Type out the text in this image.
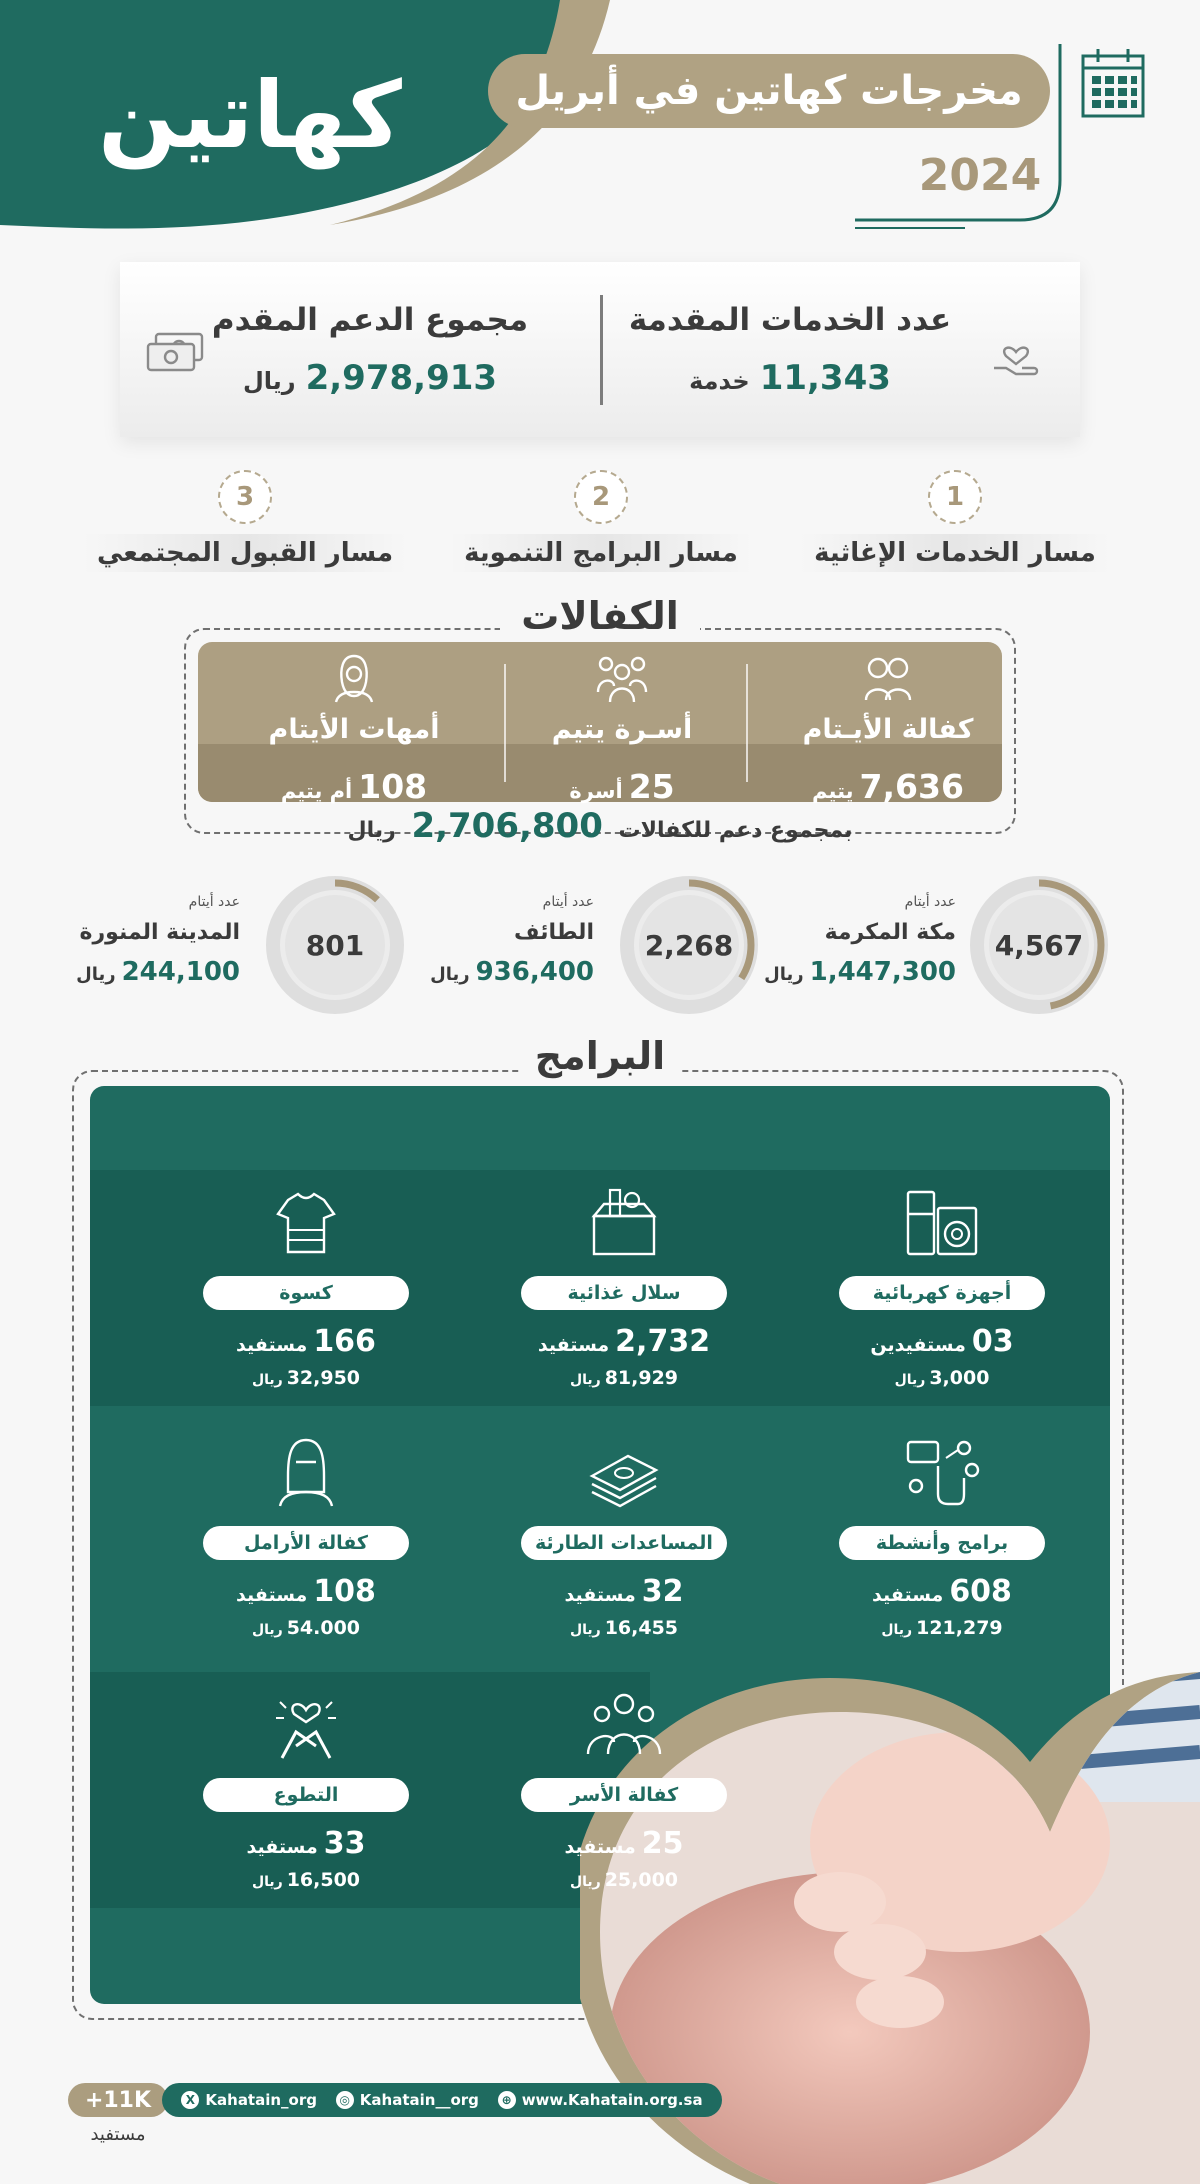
كهاتين	مخرجات كهاتين في أبريل
2024
عدد الخدمات المقدمة
11,343خدمة
مجموع الدعم المقدم
2,978,913ريال
1
مسار الخدمات الإغاثية
2
مسار البرامج التنموية
3
مسار القبول المجتمعي
الكفالات
كفالة الأيـتام
7,636يتيم
أسـرة يتيم
25أسرة
أمهات الأيتام
108أم يتيم
بمجموع دعم للكفالات 2,706,800 ريال
4,567
عدد أيتام
مكة المكرمة
1,447,300ريال
2,268
عدد أيتام
الطائف
936,400ريال
801
عدد أيتام
المدينة المنورة
244,100ريال
البرامج
أجهزة كهربائية
03مستفيدين
3,000ريال
سلال غذائية
2,732مستفيد
81,929ريال
كسوة
166مستفيد
32,950ريال
برامج وأنشطة
608مستفيد
121,279ريال
المساعدات الطارئة
32مستفيد
16,455ريال
كفالة الأرامل
108مستفيد
54.000ريال
كفالة الأسر
25مستفيد
25,000ريال
التطوع
33مستفيد
16,500ريال
+11K
مستفيد
X Kahatain_org	◎ Kahatain__org	⊕ www.Kahatain.org.sa
